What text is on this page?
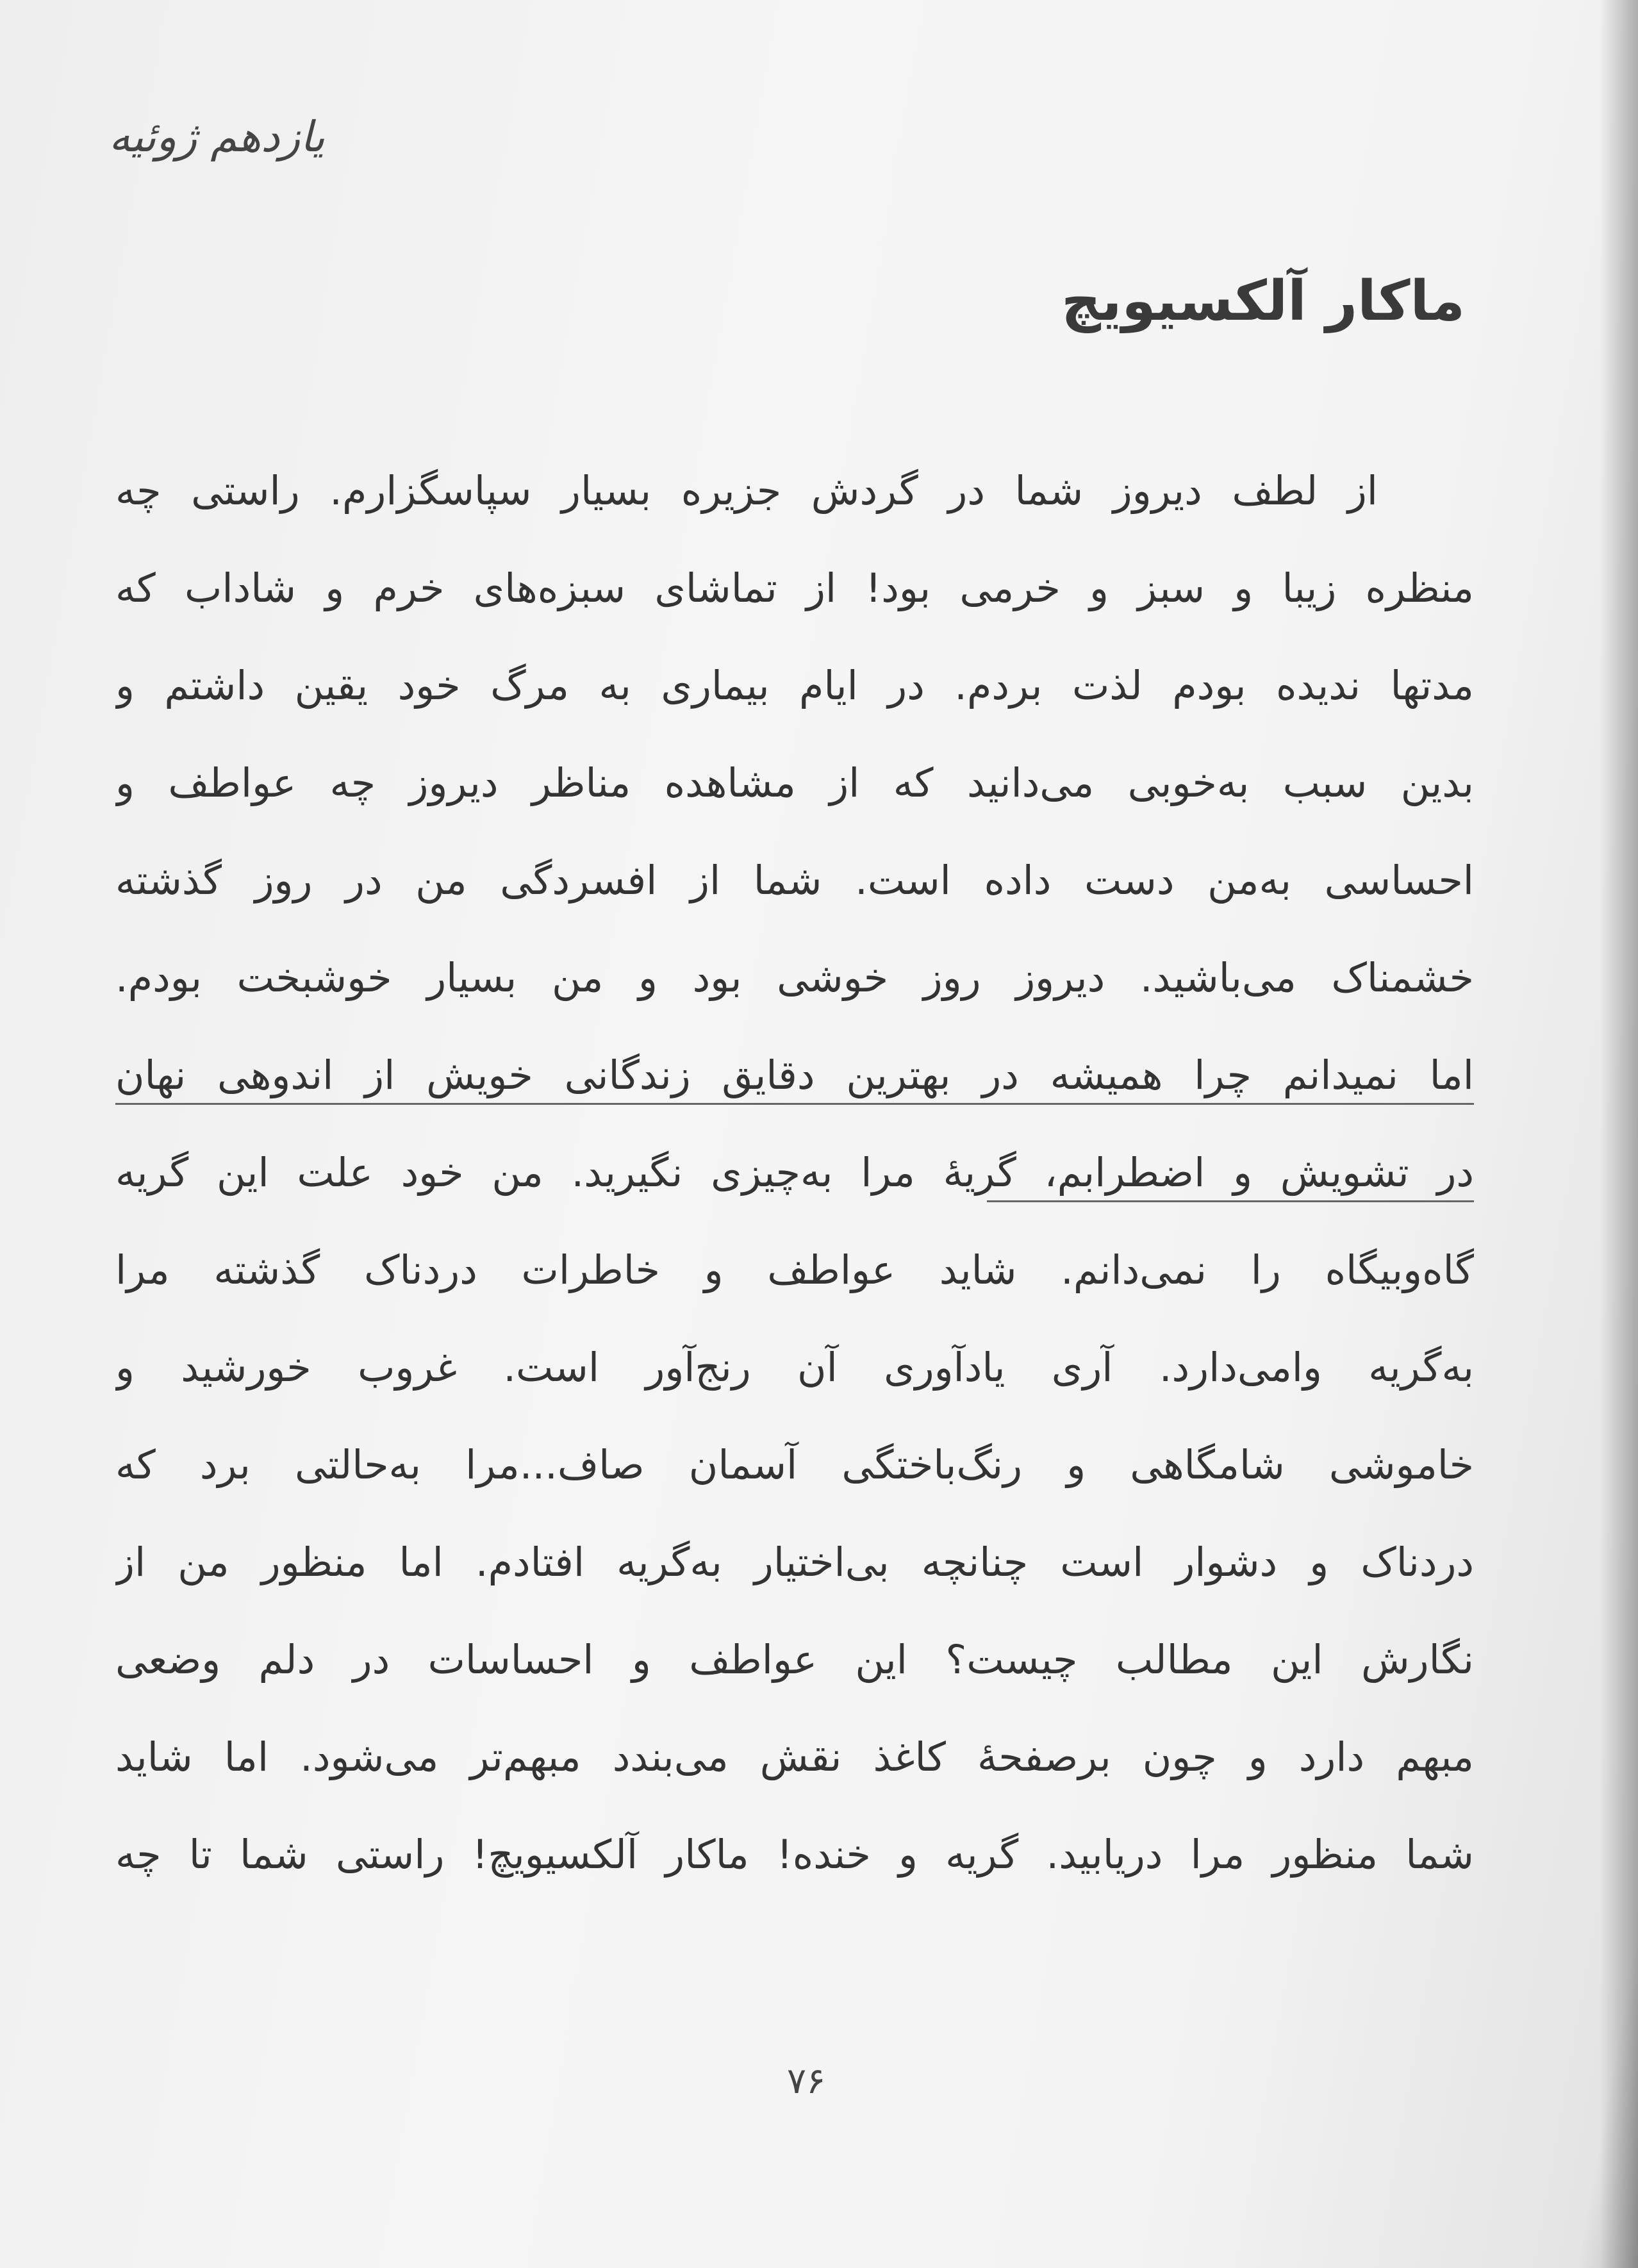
یازدهم ژوئیه
ماکار آلکسیویچ
از لطف دیروز شما در گردش جزیره بسیار سپاسگزارم. راستی چه
منظره زیبا و سبز و خرمی بود! از تماشای سبزه‌های خرم و شاداب که
مدتها ندیده بودم لذت بردم. در ایام بیماری به مرگ خود یقین داشتم و
بدین سبب به‌خوبی می‌دانید که از مشاهده مناظر دیروز چه عواطف و
احساسی به‌من دست داده است. شما از افسردگی من در روز گذشته
خشمناک می‌باشید. دیروز روز خوشی بود و من بسیار خوشبخت بودم.
اما نمیدانم چرا همیشه در بهترین دقایق زندگانی خویش از اندوهی نهان
در تشویش و اضطرابم، گریهٔ مرا به‌چیزی نگیرید. من خود علت این گریه
گاه‌وبیگاه را نمی‌دانم. شاید عواطف و خاطرات دردناک گذشته مرا
به‌گریه وامی‌دارد. آری یادآوری آن رنج‌آور است. غروب خورشید و
خاموشی شامگاهی و رنگ‌باختگی آسمان صاف...مرا به‌حالتی برد که
دردناک و دشوار است چنانچه بی‌اختیار به‌گریه افتادم. اما منظور من از
نگارش این مطالب چیست؟ این عواطف و احساسات در دلم وضعی
مبهم دارد و چون برصفحهٔ کاغذ نقش می‌بندد مبهم‌تر می‌شود. اما شاید
شما منظور مرا دریابید. گریه و خنده! ماکار آلکسیویچ! راستی شما تا چه
۷۶
